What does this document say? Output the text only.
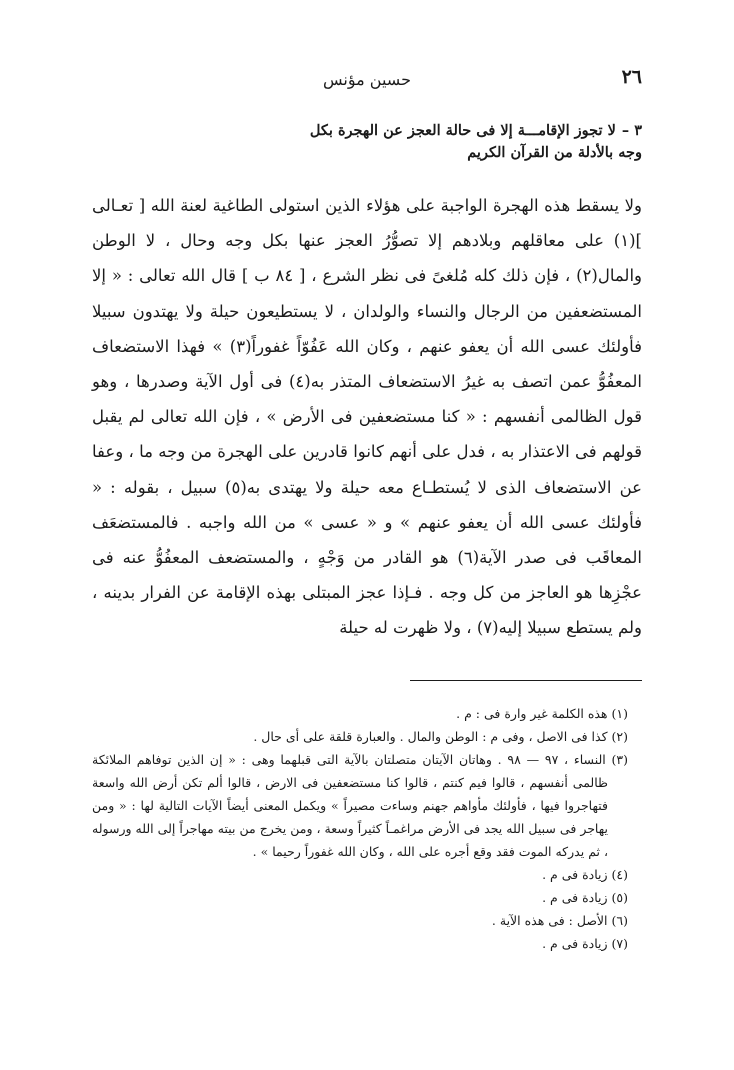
٢٦
حسين مؤنس
٣ –لا تجوز الإقامـــة إلا فى حالة العجز عن الهجرة بكل وجه بالأدلة من القرآن الكريم

ولا يسقط هذه الهجرة الواجبة على هؤلاء الذين استولى الطاغية لعنة الله [ تعـالى ](١) على معاقلهم وبلادهم إلا تصوُّرُ العجز عنها بكل وجه وحال ، لا الوطن والمال(٢) ، فإن ذلك كله مُلغىً فى نظر الشرع ، [ ٨٤ ب ] قال الله تعالى : « إلا المستضعفين من الرجال والنساء والولدان ، لا يستطيعون حيلة ولا يهتدون سبيلا فأولئك عسى الله أن يعفو عنهم ، وكان الله عَفُوّاً غفوراً(٣) » فهذا الاستضعاف المعفُوُّ عمن اتصف به غيرُ الاستضعاف المتذر به(٤) فى أول الآية وصدرها ، وهو قول الظالمى أنفسهم : « كنا مستضعفين فى الأرض » ، فإن الله تعالى لم يقبل قولهم فى الاعتذار به ، فدل على أنهم كانوا قادرين على الهجرة من وجه ما ، وعفا عن الاستضعاف الذى لا يُستطـاع معه حيلة ولا يهتدى به(٥) سبيل ، بقوله : « فأولئك عسى الله أن يعفو عنهم » و « عسى » من الله واجبه . فالمستضعَف المعاقَب فى صدر الآية(٦) هو القادر من وَجْهٍ ، والمستضعف المعفُوُّ عنه فى عجْزِها هو العاجز من كل وجه . فـإذا عجز المبتلى بهذه الإقامة عن الفرار بدينه ، ولم يستطع سبيلا إليه(٧) ، ولا ظهرت له حيلة

(١) هذه الكلمة غير وارة فى : م .

(٢) كذا فى الاصل ، وفى م : الوطن والمال . والعبارة قلقة على أى حال .

(٣) النساء ، ٩٧ — ٩٨ . وهاتان الآيتان متصلتان بالآية التى قبلهما وهى : « إن الذين توفاهم الملائكة ظالمى أنفسهم ، قالوا فيم كنتم ، قالوا كنا مستضعفين فى الارض ، قالوا ألم تكن أرض الله واسعة فتهاجروا فيها ، فأولئك مأواهم جهنم وساءت مصيراً » ويكمل المعنى أيضاً الآيات التالية لها : « ومن يهاجر فى سبيل الله يجد فى الأرض مراغمـاً كثيراً وسعة ، ومن يخرج من بيته مهاجراً إلى الله ورسوله ، ثم يدركه الموت فقد وقع أجره على الله ، وكان الله غفوراً رحيما » .

(٤) زيادة فى م .

(٥) زيادة فى م .

(٦) الأصل : فى هذه الآية .

(٧) زيادة فى م .
